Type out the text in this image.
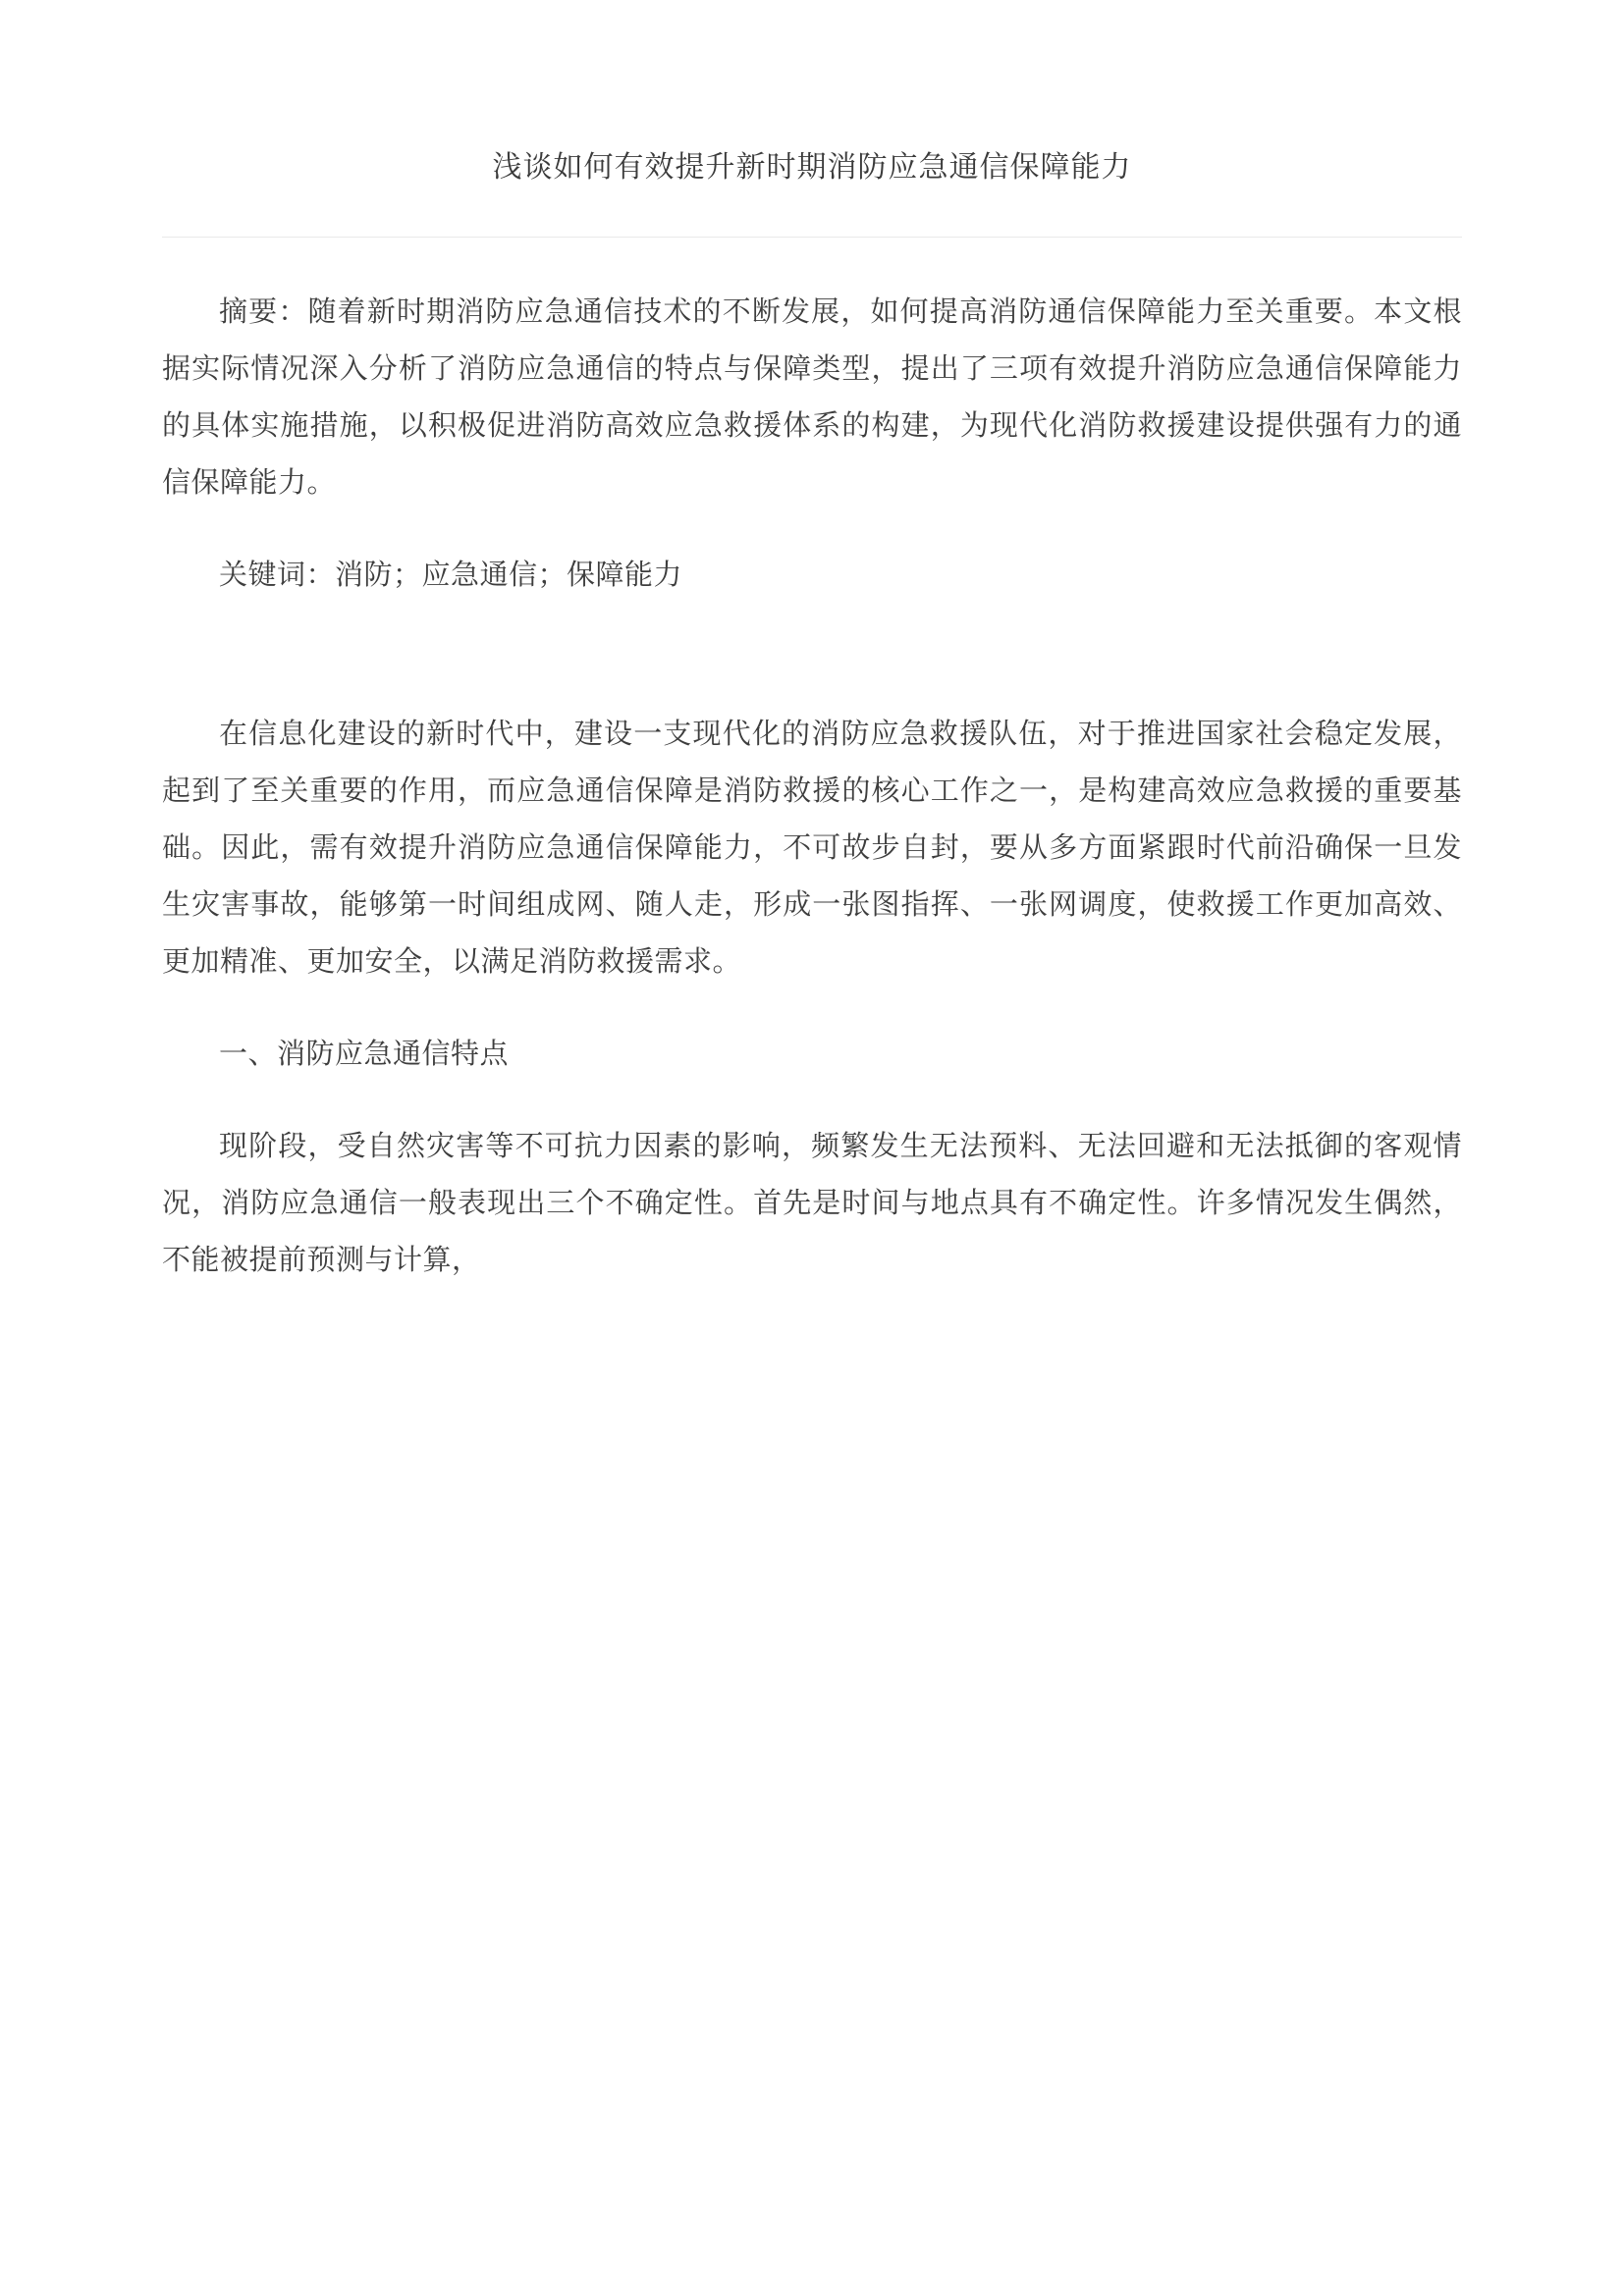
浅谈如何有效提升新时期消防应急通信保障能力

摘要：随着新时期消防应急通信技术的不断发展，如何提高消防通信保障能力至关重要。本文根据实际情况深入分析了消防应急通信的特点与保障类型，提出了三项有效提升消防应急通信保障能力的具体实施措施，以积极促进消防高效应急救援体系的构建，为现代化消防救援建设提供强有力的通信保障能力。

关键词：消防；应急通信；保障能力

在信息化建设的新时代中，建设一支现代化的消防应急救援队伍，对于推进国家社会稳定发展，起到了至关重要的作用，而应急通信保障是消防救援的核心工作之一，是构建高效应急救援的重要基础。因此，需有效提升消防应急通信保障能力，不可故步自封，要从多方面紧跟时代前沿确保一旦发生灾害事故，能够第一时间组成网、随人走，形成一张图指挥、一张网调度，使救援工作更加高效、更加精准、更加安全，以满足消防救援需求。

一、消防应急通信特点

现阶段，受自然灾害等不可抗力因素的影响，频繁发生无法预料、无法回避和无法抵御的客观情况，消防应急通信一般表现出三个不确定性。首先是时间与地点具有不确定性。许多情况发生偶然，不能被提前预测与计算，
